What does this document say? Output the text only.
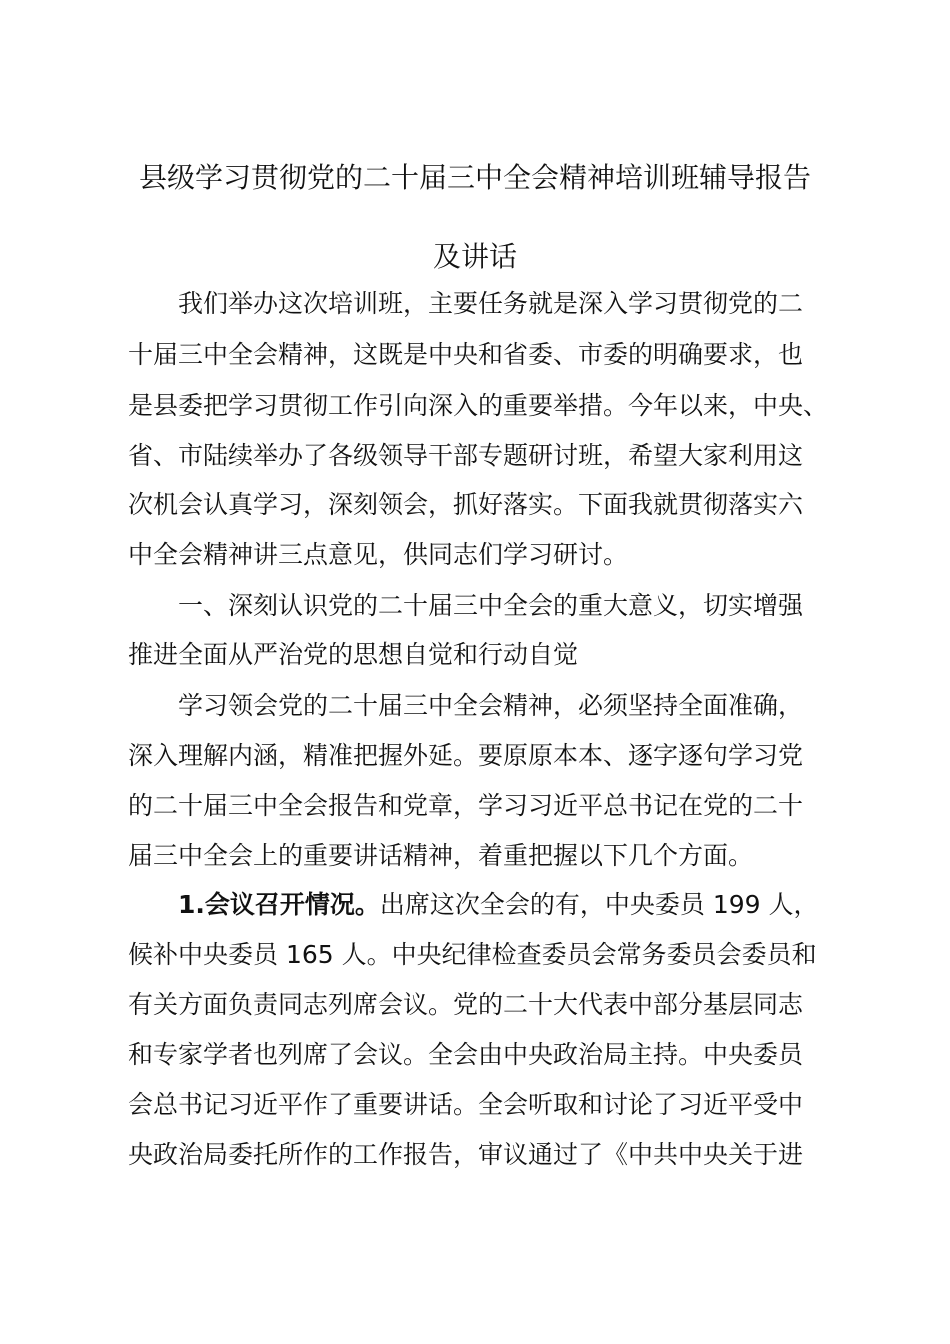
县级学习贯彻党的二十届三中全会精神培训班辅导报告
及讲话
我们举办这次培训班，主要任务就是深入学习贯彻党的二
十届三中全会精神，这既是中央和省委、市委的明确要求，也
是县委把学习贯彻工作引向深入的重要举措。今年以来，中央、
省、市陆续举办了各级领导干部专题研讨班，希望大家利用这
次机会认真学习，深刻领会，抓好落实。下面我就贯彻落实六
中全会精神讲三点意见，供同志们学习研讨。
一、深刻认识党的二十届三中全会的重大意义，切实增强
推进全面从严治党的思想自觉和行动自觉
学习领会党的二十届三中全会精神，必须坚持全面准确，
深入理解内涵，精准把握外延。要原原本本、逐字逐句学习党
的二十届三中全会报告和党章，学习习近平总书记在党的二十
届三中全会上的重要讲话精神，着重把握以下几个方面。
1.会议召开情况。出席这次全会的有，中央委员 199 人，
候补中央委员 165 人。中央纪律检查委员会常务委员会委员和
有关方面负责同志列席会议。党的二十大代表中部分基层同志
和专家学者也列席了会议。全会由中央政治局主持。中央委员
会总书记习近平作了重要讲话。全会听取和讨论了习近平受中
央政治局委托所作的工作报告，审议通过了《中共中央关于进
